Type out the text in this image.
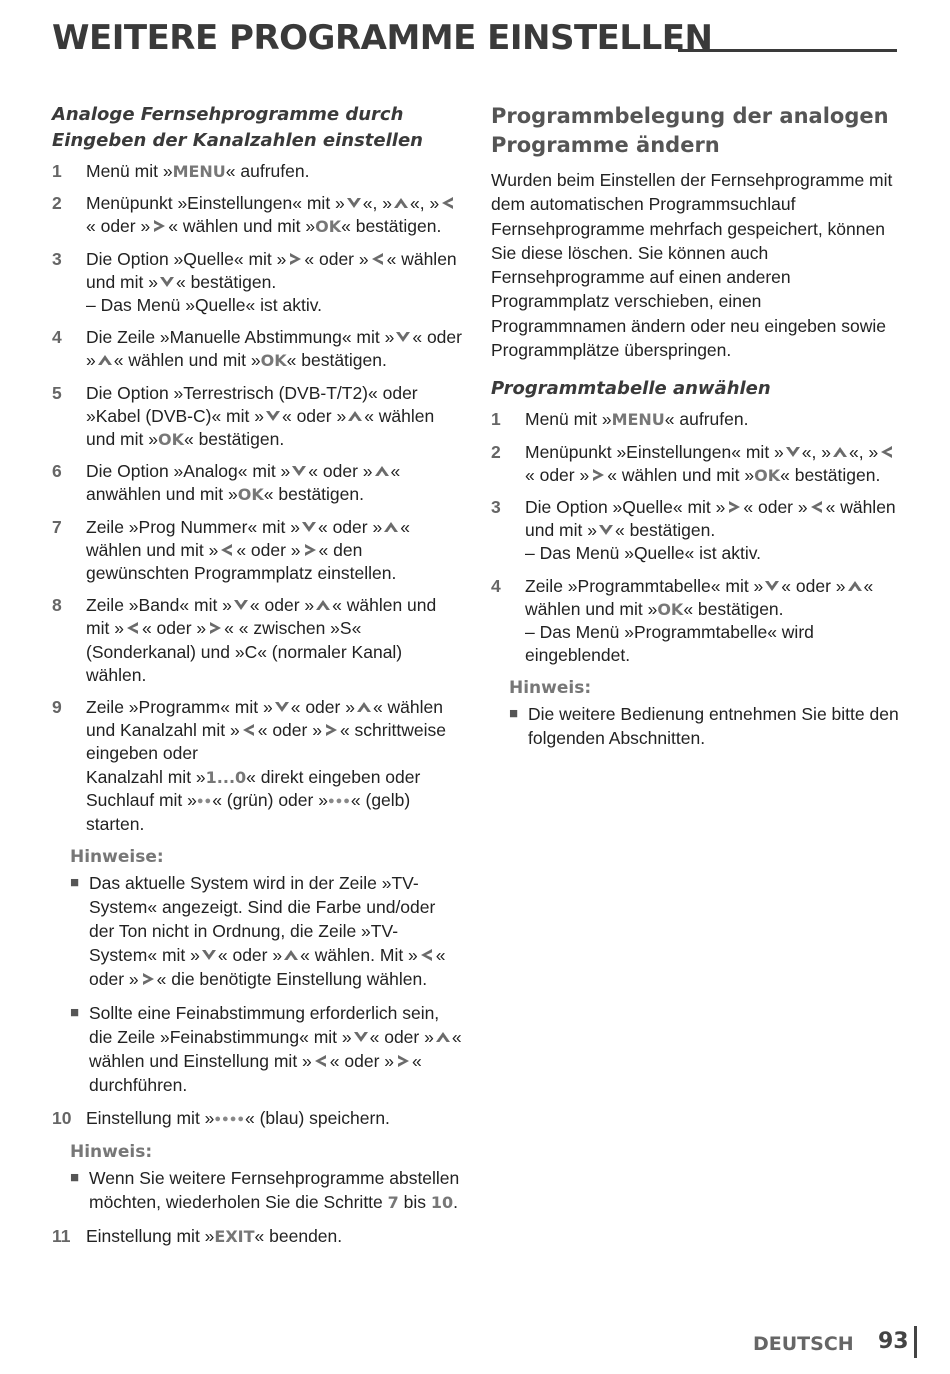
WEITERE PROGRAMME EINSTELLEN
Analoge Fernsehprogramme durch Eingeben der Kanalzahlen einstellen
1	Menü mit »MENU« aufrufen.
2	Menüpunkt »Einstellungen« mit » «, » «, »
« oder » « wählen und mit »OK« bestätigen.
3	Die Option »Quelle« mit » « oder » « wählen und mit » « bestätigen.
– Das Menü »Quelle« ist aktiv.
4	Die Zeile »Manuelle Abstimmung« mit » « oder » « wählen und mit »OK« bestätigen.
5	Die Option »Terrestrisch (DVB-T/T2)« oder »Kabel (DVB-C)« mit » « oder » « wählen und mit »OK« bestätigen.
6	Die Option »Analog« mit » « oder » « anwählen und mit »OK« bestätigen.
7	Zeile »Prog Nummer« mit » « oder » « wählen und mit » « oder » « den gewünschten Programmplatz einstellen.
8	Zeile »Band« mit » « oder » « wählen und mit » « oder » « « zwischen »S« (Sonderkanal) und »C« (normaler Kanal) wählen.
9	Zeile »Programm« mit » « oder » « wählen und Kanalzahl mit » « oder » « schrittweise eingeben oder
Kanalzahl mit »1...0« direkt eingeben oder Suchlauf mit »●●« (grün) oder »●●●« (gelb) starten.
Hinweise:
■ Das aktuelle System wird in der Zeile »TV-System« angezeigt. Sind die Farbe und/oder der Ton nicht in Ordnung, die Zeile »TV-System« mit » « oder » « wählen. Mit » « oder » « die benötigte Einstellung wählen.
■ Sollte eine Feinabstimmung erforderlich sein, die Zeile »Feinabstimmung« mit » « oder » « wählen und Einstellung mit » « oder » « durchführen.
10 Einstellung mit »●●●●« (blau) speichern.
Hinweis:
■ Wenn Sie weitere Fernsehprogramme abstellen möchten, wiederholen Sie die Schritte 7 bis 10.
11 Einstellung mit »EXIT« beenden.
Programmbelegung der analogen Programme ändern
Wurden beim Einstellen der Fernsehprogramme mit dem automatischen Programmsuchlauf Fernsehprogramme mehrfach gespeichert, können Sie diese löschen. Sie können auch Fernsehprogramme auf einen anderen Programmplatz verschieben, einen Programmnamen ändern oder neu eingeben sowie Programmplätze überspringen.
Programmtabelle anwählen
1	Menü mit »MENU« aufrufen.
2	Menüpunkt »Einstellungen« mit » «, » «, »
« oder » « wählen und mit »OK« bestätigen.
3	Die Option »Quelle« mit » « oder » « wählen und mit » « bestätigen.
– Das Menü »Quelle« ist aktiv.
4	Zeile »Programmtabelle« mit » « oder » « wählen und mit »OK« bestätigen.
– Das Menü »Programmtabelle« wird eingeblendet.
Hinweis:
■ Die weitere Bedienung entnehmen Sie bitte den folgenden Abschnitten.
DEUTSCH 93
